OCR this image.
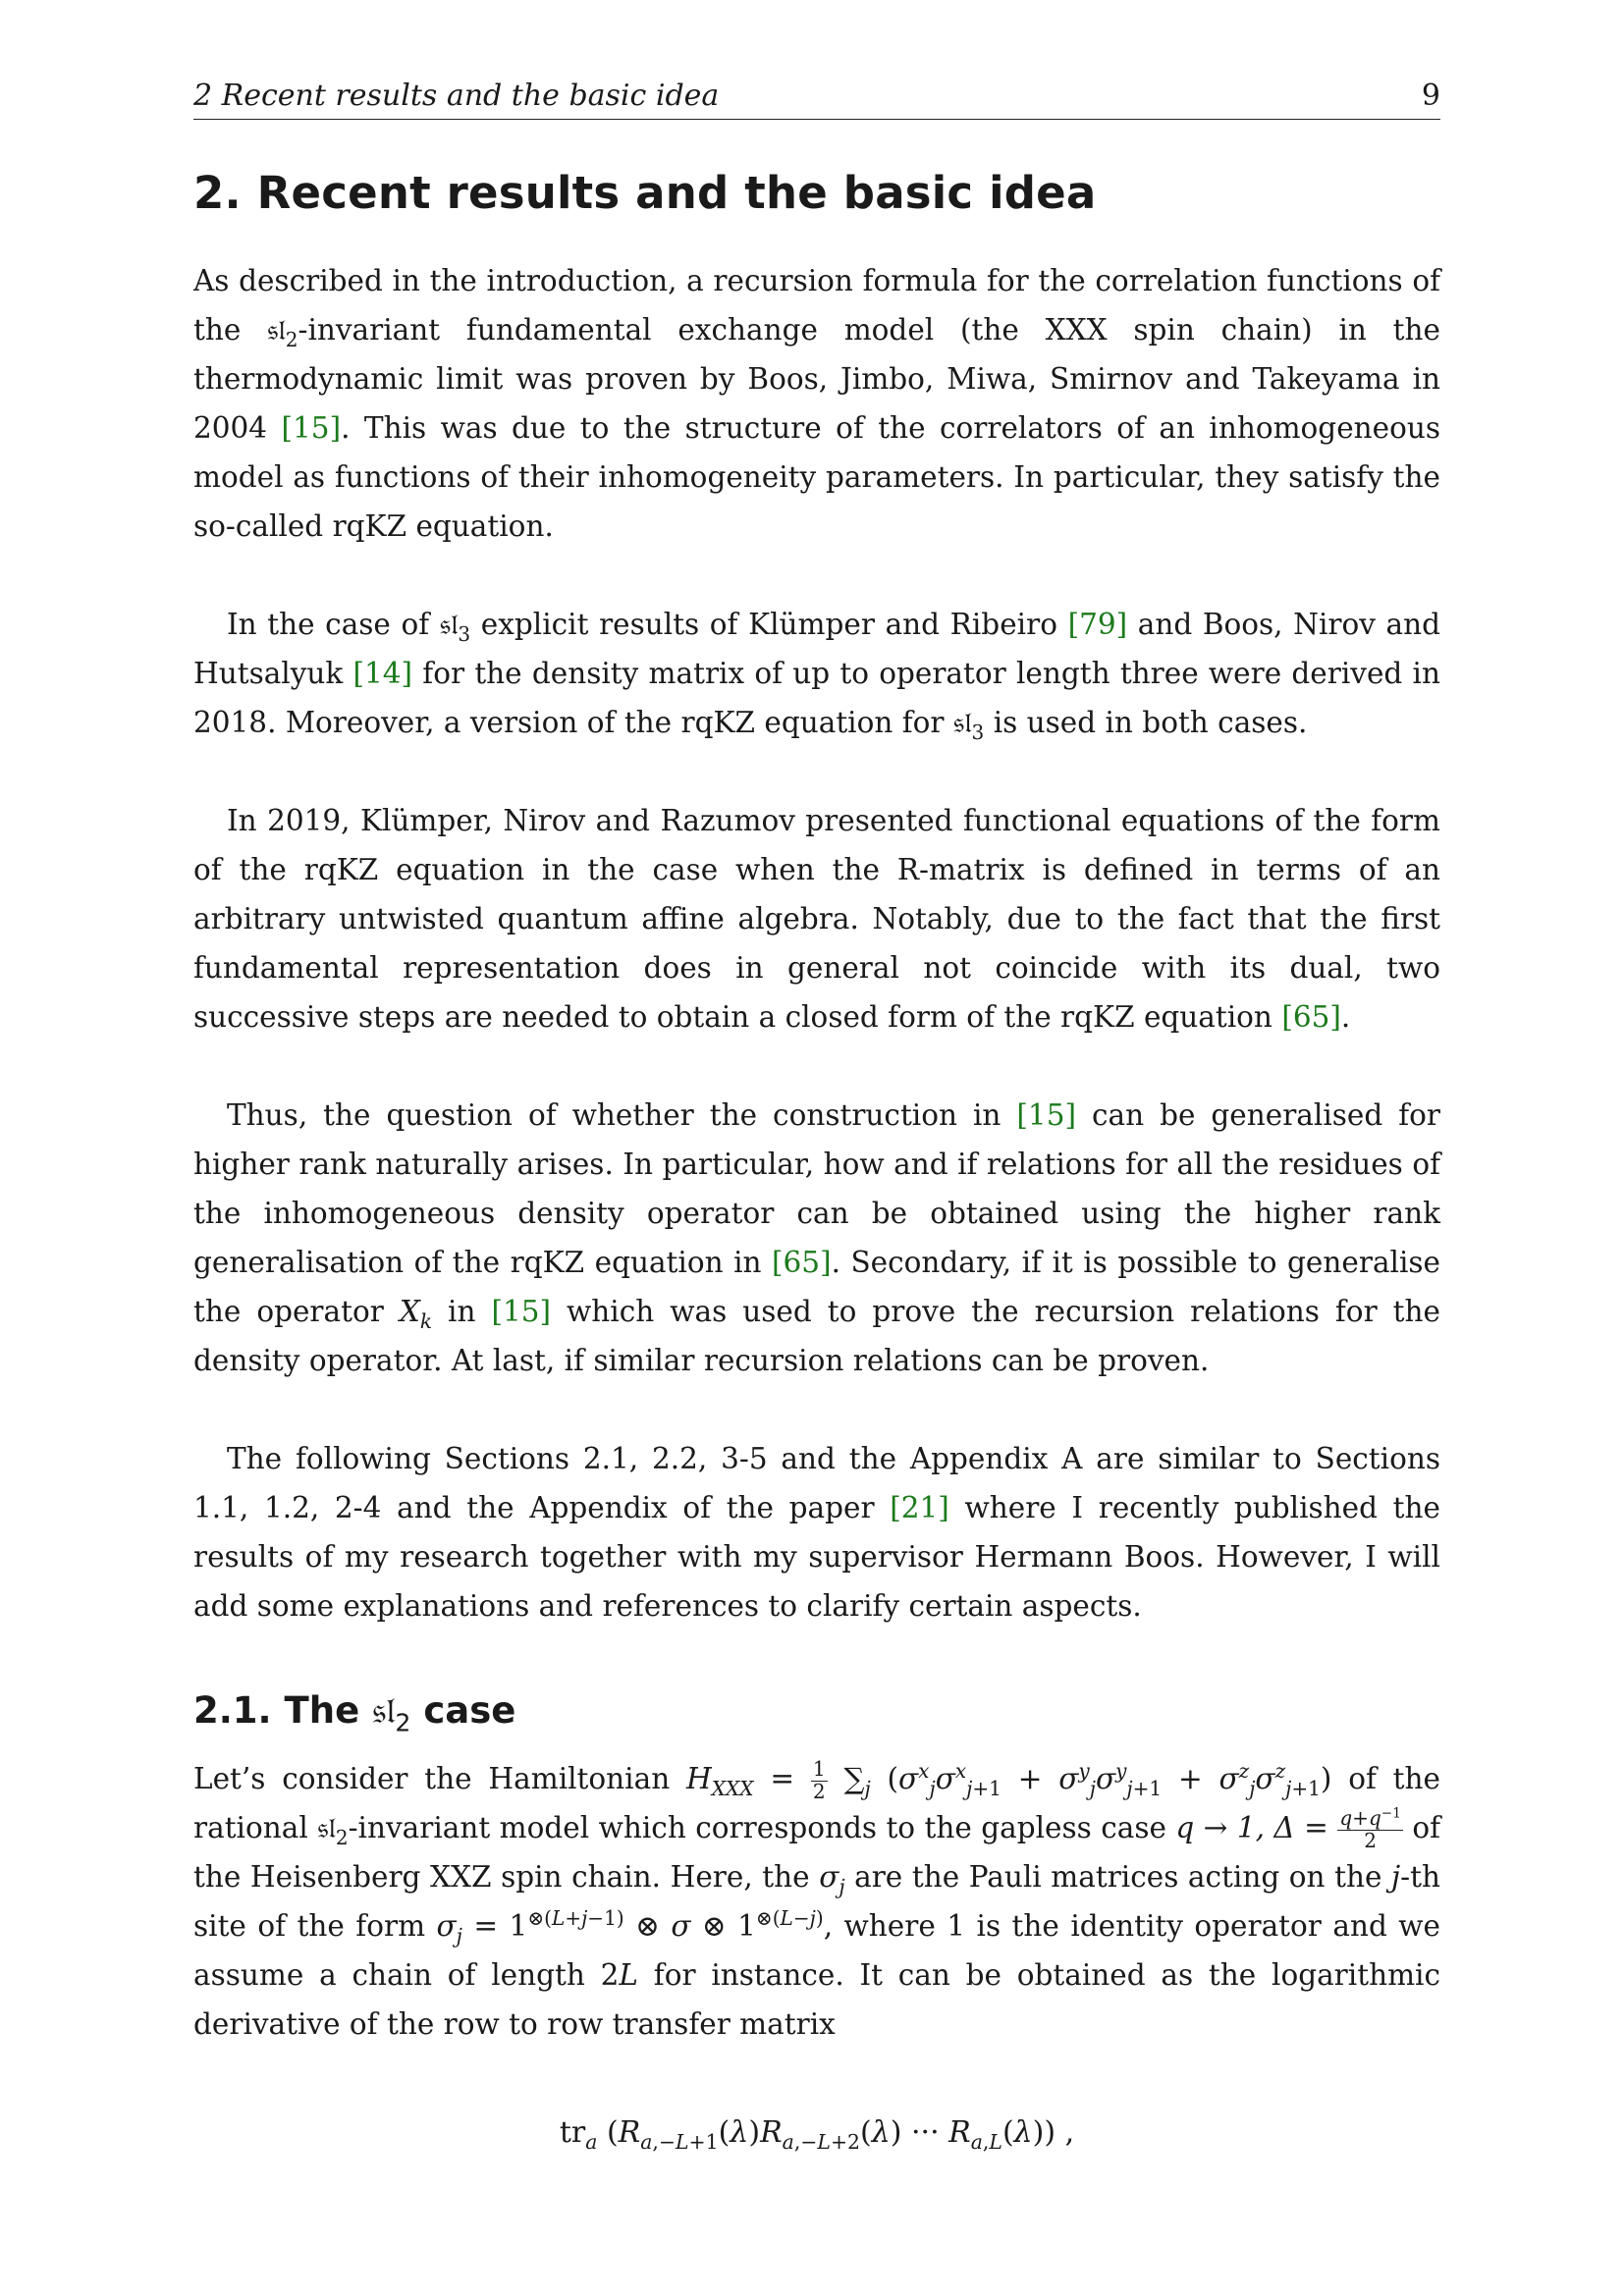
2 Recent results and the basic idea	9
2. Recent results and the basic idea

As described in the introduction, a recursion formula for the correlation functions of the 𝔰𝔩$_2$-invariant fundamental exchange model (the XXX spin chain) in the thermodynamic limit was proven by Boos, Jimbo, Miwa, Smirnov and Takeyama in 2004 [15]. This was due to the structure of the correlators of an inhomogeneous model as functions of their inhomogeneity parameters. In particular, they satisfy the so-called rqKZ equation.

In the case of 𝔰𝔩$_3$ explicit results of Klümper and Ribeiro [79] and Boos, Nirov and Hutsalyuk [14] for the density matrix of up to operator length three were derived in 2018. Moreover, a version of the rqKZ equation for 𝔰𝔩$_3$ is used in both cases.

In 2019, Klümper, Nirov and Razumov presented functional equations of the form of the rqKZ equation in the case when the R-matrix is defined in terms of an arbitrary untwisted quantum affine algebra. Notably, due to the fact that the first fundamental representation does in general not coincide with its dual, two successive steps are needed to obtain a closed form of the rqKZ equation [65].

Thus, the question of whether the construction in [15] can be generalised for higher rank naturally arises. In particular, how and if relations for all the residues of the inhomogeneous density operator can be obtained using the higher rank generalisation of the rqKZ equation in [65]. Secondary, if it is possible to generalise the operator $X_k$ in [15] which was used to prove the recursion relations for the density operator. At last, if similar recursion relations can be proven.

The following Sections 2.1, 2.2, 3-5 and the Appendix A are similar to Sections 1.1, 1.2, 2-4 and the Appendix of the paper [21] where I recently published the results of my research together with my supervisor Hermann Boos. However, I will add some explanations and references to clarify certain aspects.

2.1. The 𝔰𝔩$_2$ case

Let’s consider the Hamiltonian $H_{XXX} = \frac{1}{2} \sum_j$ $(\sigma^x_j\sigma^x_{j+1} + \sigma^y_j\sigma^y_{j+1} + \sigma^z_j\sigma^z_{j+1})$ of the rational 𝔰𝔩$_2$-invariant model which corresponds to the gapless case q → 1, $\Delta = \frac{q+q^{-1}}{2}$ of the Heisenberg XXZ spin chain. Here, the $\sigma_j$ are the Pauli matrices acting on the j-th site of the form $\sigma_j = 1^{\otimes(L+j-1)}$ ⊗ σ ⊗ $1^{\otimes(L-j)}$, where 1 is the identity operator and we assume a chain of length 2L for instance. It can be obtained as the logarithmic derivative of the row to row transfer matrix

$tr_a$ ($R_{a,-L+1}(\lambda)R_{a,-L+2}(\lambda)$ ··· $R_{a,L}(\lambda)$) ,
